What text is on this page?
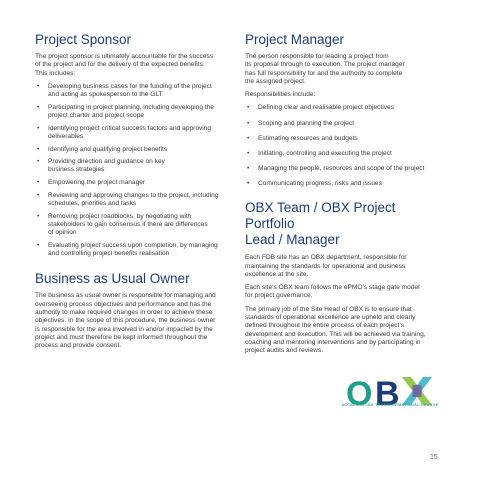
Project Sponsor

The project sponsor is ultimately accountable for the success
of the project and for the delivery of the expected benefits.
This includes:

• Developing business cases for the funding of the project
and acting as spokesperson to the GLT
• Participating in project planning, including developing the
project charter and project scope
• Identifying project critical success factors and approving
deliverables
• Identifying and qualifying project benefits
• Providing direction and guidance on key
business strategies
• Empowering the project manager
• Reviewing and approving changes to the project, including
schedules, priorities and tasks
• Removing project roadblocks, by negotiating with
stakeholders to gain consensus if there are differences
of opinion
• Evaluating project success upon completion, by managing
and controlling project benefits realisation
Business as Usual Owner

The business as usual owner is responsible for managing and
overseeing process objectives and performance and has the
authority to make required changes in order to achieve these
objectives. In the scope of this procedure, the business owner
is responsible for the area involved in and/or impacted by the
project and must therefore be kept informed throughout the
process and provide consent.

Project Manager

The person responsible for leading a project from
its proposal through to execution. The project manager
has full responsibility for and the authority to complete
the assigned project.

Responsibilities include:

• Defining clear and realisable project objectives
• Scoping and planning the project
• Estimating resources and budgets
• Initiating, controlling and executing the project
• Managing the people, resources and scope of the project
• Communicating progress, risks and issues
OBX Team / OBX Project Portfolio
Lead / Manager

Each FDB site has an OBX department, responsible for
maintaining the standards for operational and business
excellence at the site.

Each site’s OBX team follows the ePMO’s stage gate model
for project governance.

The primary job of the Site Head of OBX is to ensure that
standards of operational excellence are upheld and clearly
defined throughout the entire process of each project’s
development and execution. This will be achieved via training,
coaching and mentoring interventions and by participating in
project audits and reviews.

O B
ACCELERATING TRANSFORMATIONAL CHANGE
15
